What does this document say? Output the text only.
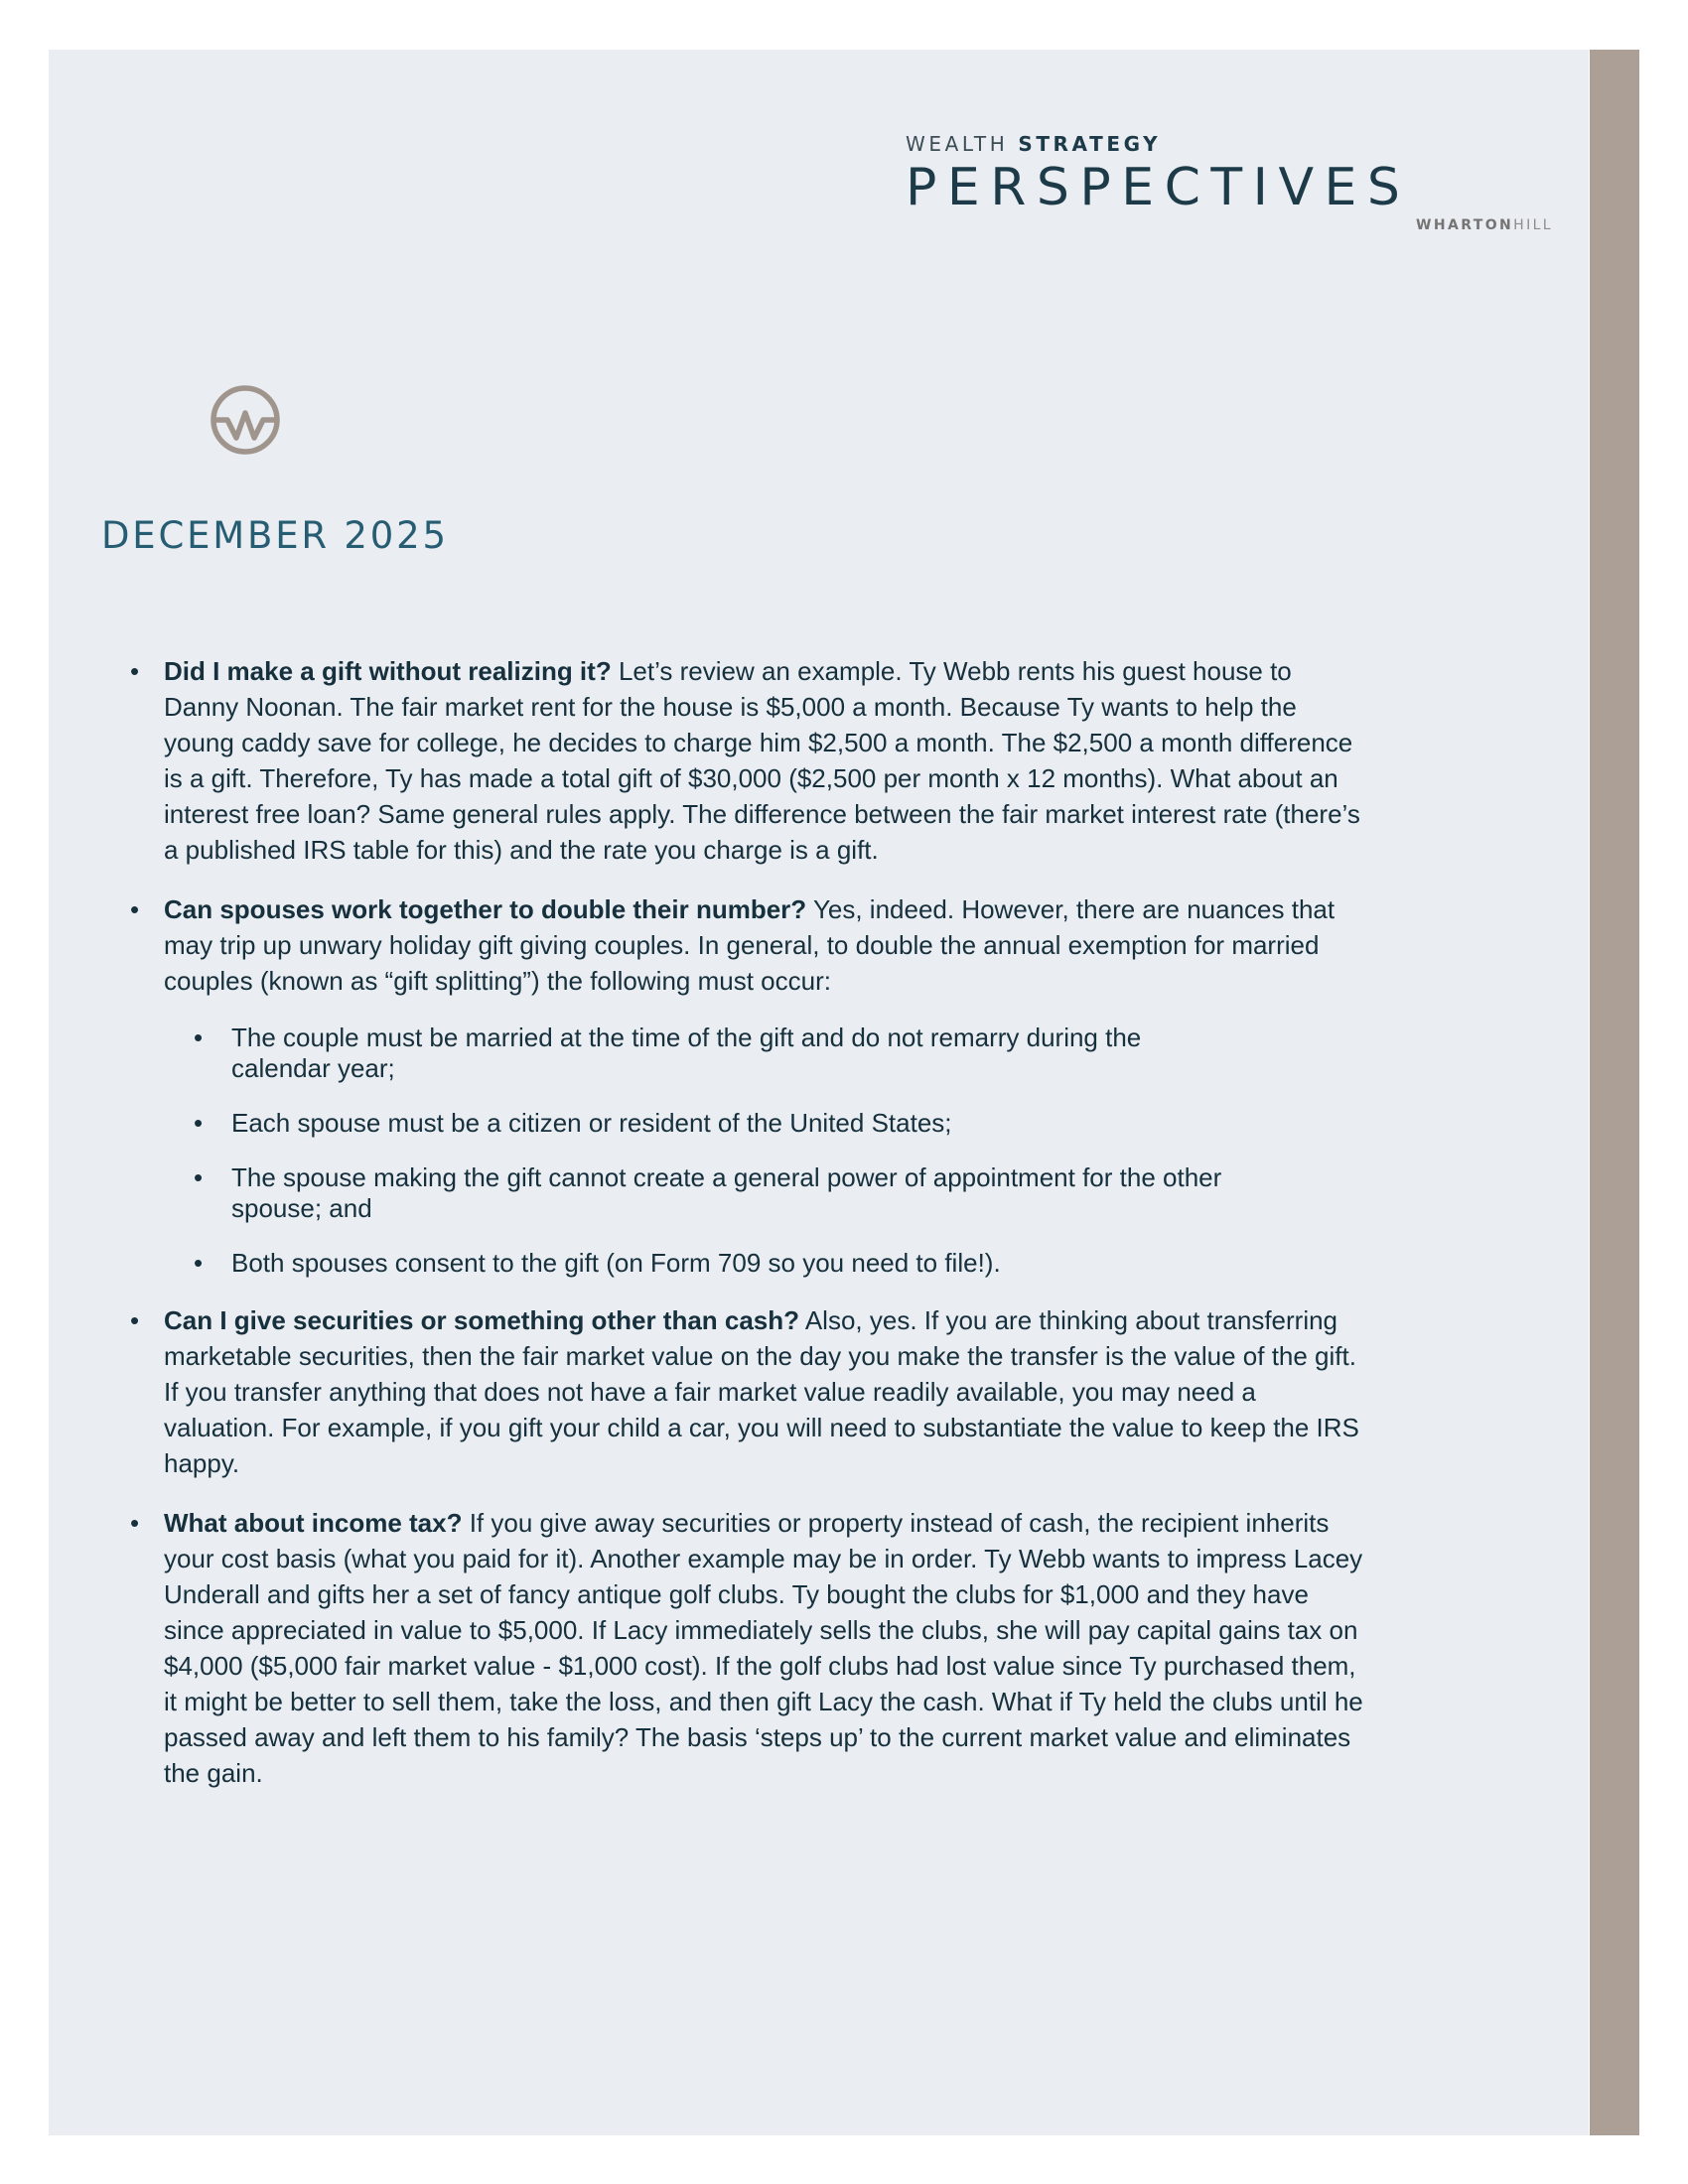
WEALTH STRATEGY
PERSPECTIVES
WHARTONHILL
DECEMBER 2025
• Did I make a gift without realizing it? Let’s review an example. Ty Webb rents his guest house to Danny Noonan. The fair market rent for the house is $5,000 a month. Because Ty wants to help the young caddy save for college, he decides to charge him $2,500 a month. The $2,500 a month difference is a gift. Therefore, Ty has made a total gift of $30,000 ($2,500 per month x 12 months). What about an interest free loan? Same general rules apply. The difference between the fair market interest rate (there’s a published IRS table for this) and the rate you charge is a gift.
• Can spouses work together to double their number? Yes, indeed. However, there are nuances that may trip up unwary holiday gift giving couples. In general, to double the annual exemption for married couples (known as “gift splitting”) the following must occur:
• The couple must be married at the time of the gift and do not remarry during the calendar year;
• Each spouse must be a citizen or resident of the United States;
• The spouse making the gift cannot create a general power of appointment for the other spouse; and
• Both spouses consent to the gift (on Form 709 so you need to file!).
• Can I give securities or something other than cash? Also, yes. If you are thinking about transferring marketable securities, then the fair market value on the day you make the transfer is the value of the gift. If you transfer anything that does not have a fair market value readily available, you may need a valuation. For example, if you gift your child a car, you will need to substantiate the value to keep the IRS happy.
• What about income tax? If you give away securities or property instead of cash, the recipient inherits your cost basis (what you paid for it). Another example may be in order. Ty Webb wants to impress Lacey Underall and gifts her a set of fancy antique golf clubs. Ty bought the clubs for $1,000 and they have since appreciated in value to $5,000. If Lacy immediately sells the clubs, she will pay capital gains tax on $4,000 ($5,000 fair market value - $1,000 cost). If the golf clubs had lost value since Ty purchased them, it might be better to sell them, take the loss, and then gift Lacy the cash. What if Ty held the clubs until he passed away and left them to his family? The basis ‘steps up’ to the current market value and eliminates the gain.
